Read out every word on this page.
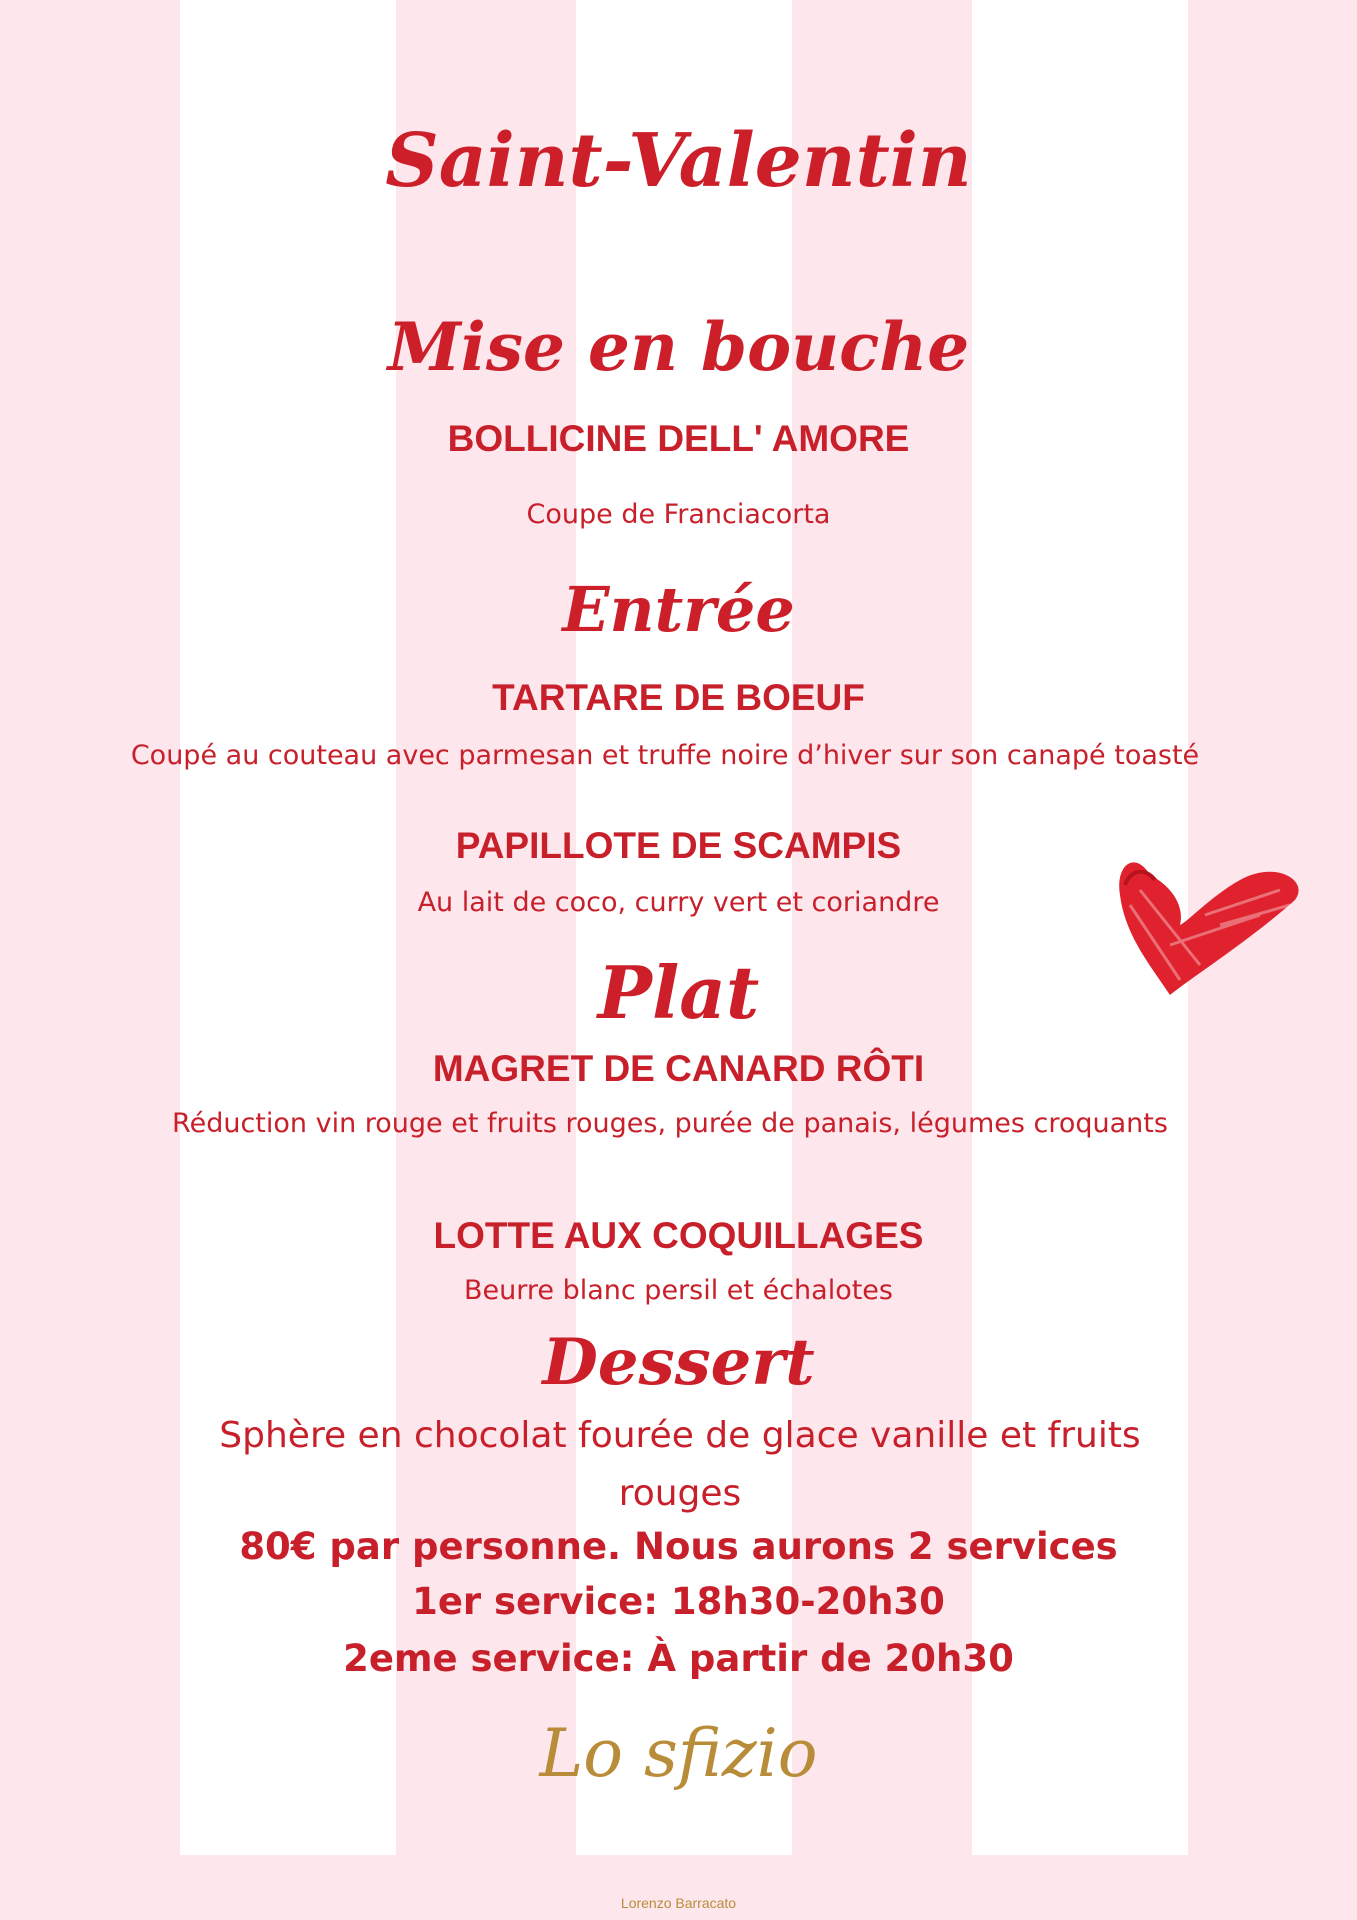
Saint-Valentin
Mise en bouche
BOLLICINE DELL' AMORE
Coupe de Franciacorta
Entrée
TARTARE DE BOEUF
Coupé au couteau avec parmesan et truffe noire d’hiver sur son canapé toasté
PAPILLOTE DE SCAMPIS
Au lait de coco, curry vert et coriandre
Plat
MAGRET DE CANARD RÔTI
Réduction vin rouge et fruits rouges, purée de panais, légumes croquants
LOTTE AUX COQUILLAGES
Beurre blanc persil et échalotes
Dessert
Sphère en chocolat fourée de glace vanille et fruits rouges
80€ par personne. Nous aurons 2 services
1er service: 18h30-20h30
2eme service: À partir de 20h30
Lo sfizio
Lorenzo Barracato
